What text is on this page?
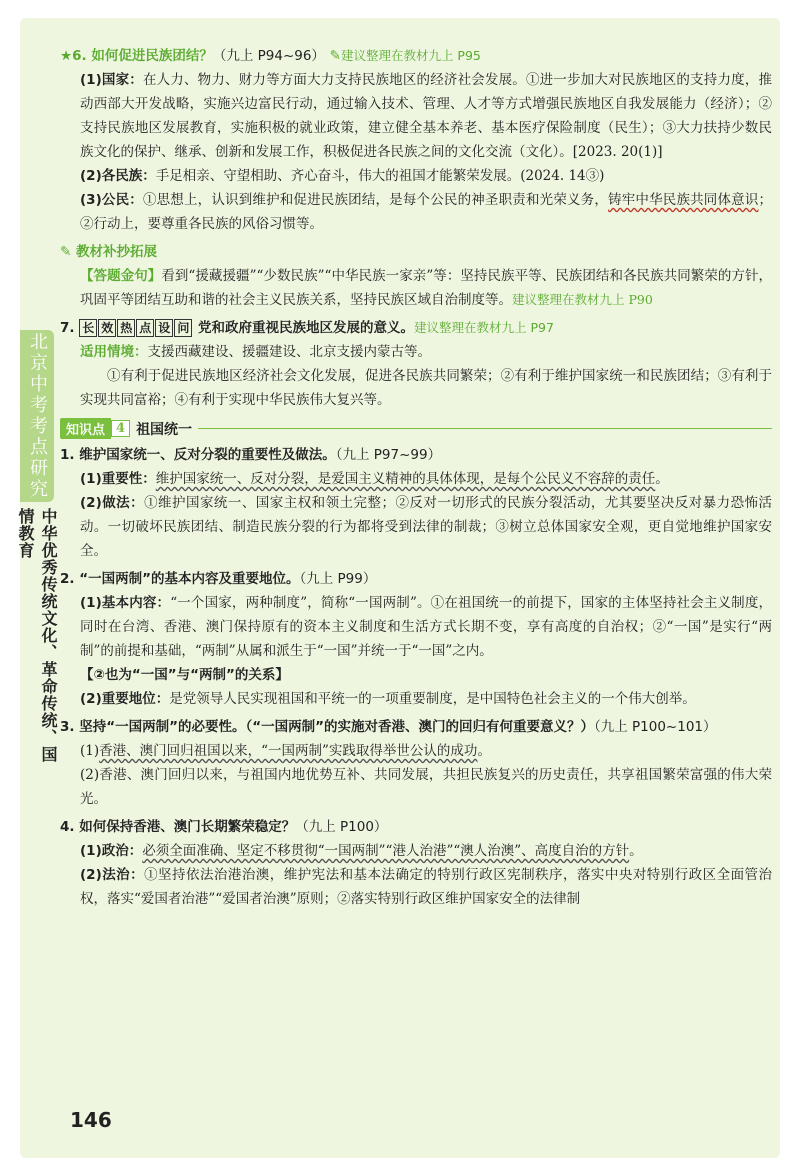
北京中考考点研究
中华优秀传统文化、革命传统、国情教育
★6. 如何促进民族团结？（九上 P94~96） ✎建议整理在教材九上 P95

(1)国家：在人力、物力、财力等方面大力支持民族地区的经济社会发展。①进一步加大对民族地区的支持力度，推动西部大开发战略，实施兴边富民行动，通过输入技术、管理、人才等方式增强民族地区自我发展能力（经济）；②支持民族地区发展教育，实施积极的就业政策，建立健全基本养老、基本医疗保险制度（民生）；③大力扶持少数民族文化的保护、继承、创新和发展工作，积极促进各民族之间的文化交流（文化）。[2023. 20(1)]

(2)各民族：手足相亲、守望相助、齐心奋斗，伟大的祖国才能繁荣发展。(2024. 14③)

(3)公民：①思想上，认识到维护和促进民族团结，是每个公民的神圣职责和光荣义务，铸牢中华民族共同体意识；②行动上，要尊重各民族的风俗习惯等。

✎ 教材补抄拓展

【答题金句】看到“援藏援疆”“少数民族”“中华民族一家亲”等：坚持民族平等、民族团结和各民族共同繁荣的方针，巩固平等团结互助和谐的社会主义民族关系，坚持民族区域自治制度等。建议整理在教材九上 P90

7. 长 效 热 点 设 问 党和政府重视民族地区发展的意义。建议整理在教材九上 P97

适用情境：支援西藏建设、援疆建设、北京支援内蒙古等。

①有利于促进民族地区经济社会文化发展，促进各民族共同繁荣；②有利于维护国家统一和民族团结；③有利于实现共同富裕；④有利于实现中华民族伟大复兴等。

知识点 4 祖国统一
1. 维护国家统一、反对分裂的重要性及做法。（九上 P97~99）

(1)重要性：维护国家统一、反对分裂，是爱国主义精神的具体体现，是每个公民义不容辞的责任。

(2)做法：①维护国家统一、国家主权和领土完整；②反对一切形式的民族分裂活动，尤其要坚决反对暴力恐怖活动。一切破坏民族团结、制造民族分裂的行为都将受到法律的制裁；③树立总体国家安全观，更自觉地维护国家安全。

2. “一国两制”的基本内容及重要地位。（九上 P99）

(1)基本内容：“一个国家，两种制度”，简称“一国两制”。①在祖国统一的前提下，国家的主体坚持社会主义制度，同时在台湾、香港、澳门保持原有的资本主义制度和生活方式长期不变，享有高度的自治权；②“一国”是实行“两制”的前提和基础，“两制”从属和派生于“一国”并统一于“一国”之内。

【②也为“一国”与“两制”的关系】

(2)重要地位：是党领导人民实现祖国和平统一的一项重要制度，是中国特色社会主义的一个伟大创举。

3. 坚持“一国两制”的必要性。（“一国两制”的实施对香港、澳门的回归有何重要意义？）（九上 P100~101）

(1)香港、澳门回归祖国以来，“一国两制”实践取得举世公认的成功。

(2)香港、澳门回归以来，与祖国内地优势互补、共同发展，共担民族复兴的历史责任，共享祖国繁荣富强的伟大荣光。

4. 如何保持香港、澳门长期繁荣稳定？（九上 P100）

(1)政治：必须全面准确、坚定不移贯彻“一国两制”“港人治港”“澳人治澳”、高度自治的方针。

(2)法治：①坚持依法治港治澳，维护宪法和基本法确定的特别行政区宪制秩序，落实中央对特别行政区全面管治权，落实“爱国者治港”“爱国者治澳”原则；②落实特别行政区维护国家安全的法律制

146
